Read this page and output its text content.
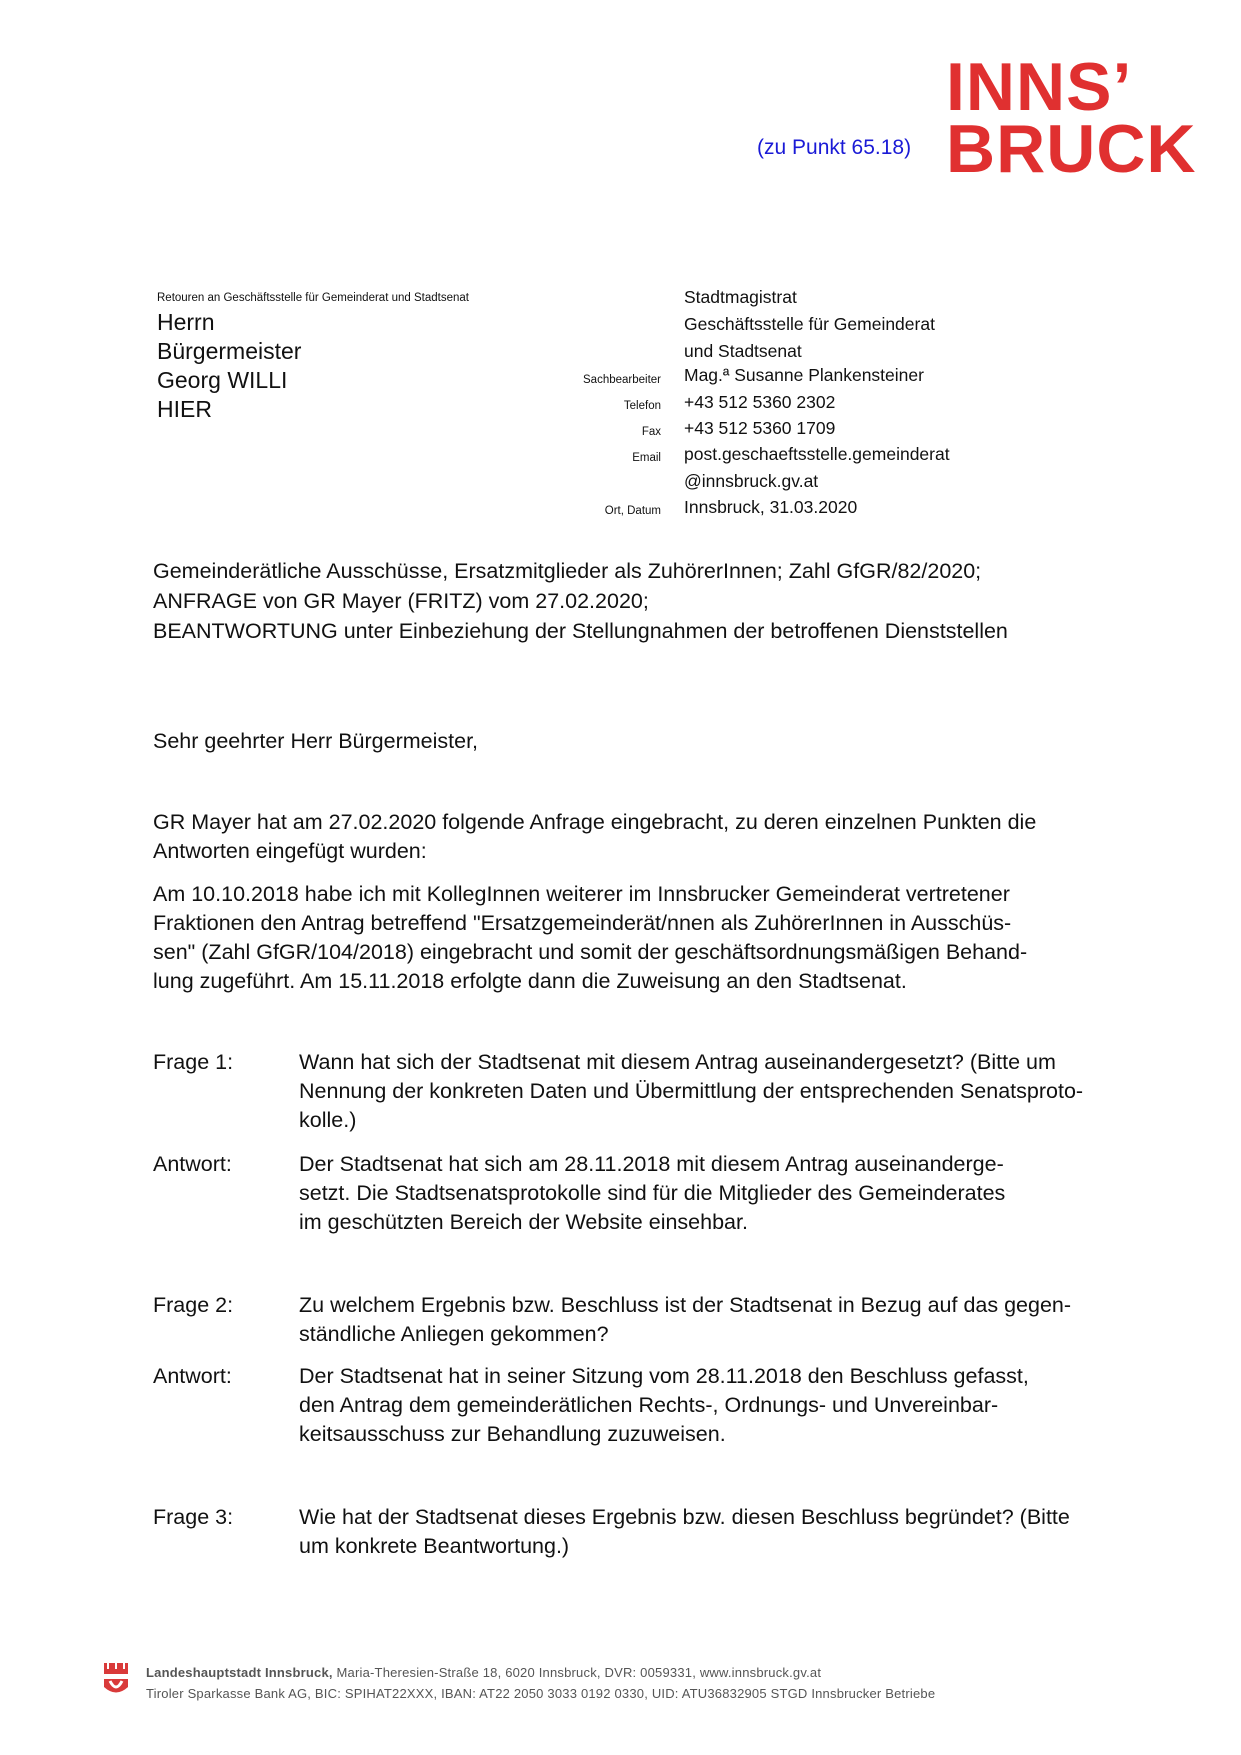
(zu Punkt 65.18)
INNS’
BRUCK
Retouren an Geschäftsstelle für Gemeinderat und Stadtsenat
Herrn
Bürgermeister
Georg WILLI
HIER
Stadtmagistrat
Geschäftsstelle für Gemeinderat
und Stadtsenat
Sachbearbeiter Mag.ª Susanne Plankensteiner
Telefon +43 512 5360 2302
Fax +43 512 5360 1709
Email post.geschaeftsstelle.gemeinderat
@innsbruck.gv.at
Ort, Datum Innsbruck, 31.03.2020
Gemeinderätliche Ausschüsse, Ersatzmitglieder als ZuhörerInnen; Zahl GfGR/82/2020;
ANFRAGE von GR Mayer (FRITZ) vom 27.02.2020;
BEANTWORTUNG unter Einbeziehung der Stellungnahmen der betroffenen Dienststellen
Sehr geehrter Herr Bürgermeister,
GR Mayer hat am 27.02.2020 folgende Anfrage eingebracht, zu deren einzelnen Punkten die
Antworten eingefügt wurden:
Am 10.10.2018 habe ich mit KollegInnen weiterer im Innsbrucker Gemeinderat vertretener
Fraktionen den Antrag betreffend "Ersatzgemeinderät/nnen als ZuhörerInnen in Ausschüs-
sen" (Zahl GfGR/104/2018) eingebracht und somit der geschäftsordnungsmäßigen Behand-
lung zugeführt. Am 15.11.2018 erfolgte dann die Zuweisung an den Stadtsenat.
Frage 1:	Wann hat sich der Stadtsenat mit diesem Antrag auseinandergesetzt? (Bitte um
Nennung der konkreten Daten und Übermittlung der entsprechenden Senatsproto-
kolle.)
Antwort:	Der Stadtsenat hat sich am 28.11.2018 mit diesem Antrag auseinanderge-
setzt. Die Stadtsenatsprotokolle sind für die Mitglieder des Gemeinderates
im geschützten Bereich der Website einsehbar.
Frage 2:	Zu welchem Ergebnis bzw. Beschluss ist der Stadtsenat in Bezug auf das gegen-
ständliche Anliegen gekommen?
Antwort:	Der Stadtsenat hat in seiner Sitzung vom 28.11.2018 den Beschluss gefasst,
den Antrag dem gemeinderätlichen Rechts-, Ordnungs- und Unvereinbar-
keitsausschuss zur Behandlung zuzuweisen.
Frage 3:	Wie hat der Stadtsenat dieses Ergebnis bzw. diesen Beschluss begründet? (Bitte
um konkrete Beantwortung.)
Landeshauptstadt Innsbruck, Maria-Theresien-Straße 18, 6020 Innsbruck, DVR: 0059331, www.innsbruck.gv.at
Tiroler Sparkasse Bank AG, BIC: SPIHAT22XXX, IBAN: AT22 2050 3033 0192 0330, UID: ATU36832905 STGD Innsbrucker Betriebe
